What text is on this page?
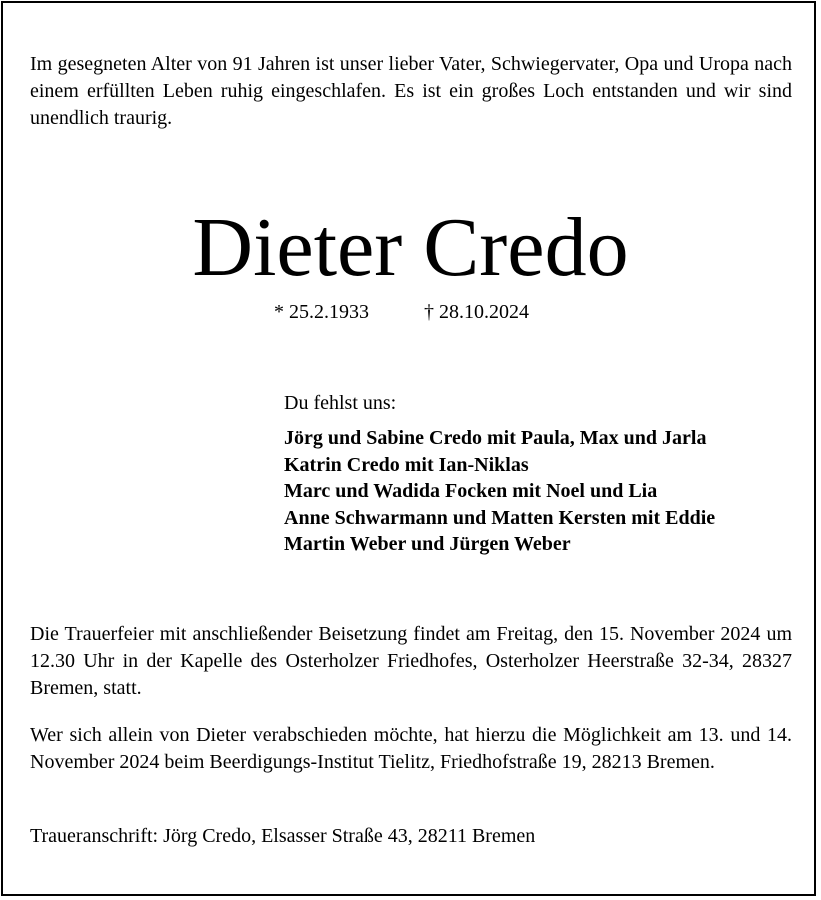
Im gesegneten Alter von 91 Jahren ist unser lieber Vater, Schwiegervater, Opa und Uropa nach einem erfüllten Leben ruhig eingeschlafen. Es ist ein großes Loch entstanden und wir sind unendlich traurig.

Dieter Credo
* 25.2.1933	† 28.10.2024

Du fehlst uns:

Jörg und Sabine Credo mit Paula, Max und Jarla
Katrin Credo mit Ian-Niklas
Marc und Wadida Focken mit Noel und Lia
Anne Schwarmann und Matten Kersten mit Eddie
Martin Weber und Jürgen Weber

Die Trauerfeier mit anschließender Beisetzung findet am Freitag, den 15. November 2024 um 12.30 Uhr in der Kapelle des Osterholzer Friedhofes, Osterholzer Heerstraße 32-34, 28327 Bremen, statt.

Wer sich allein von Dieter verabschieden möchte, hat hierzu die Möglichkeit am 13. und 14. November 2024 beim Beerdigungs-Institut Tielitz, Friedhofstraße 19, 28213 Bremen.

Traueranschrift: Jörg Credo, Elsasser Straße 43, 28211 Bremen
